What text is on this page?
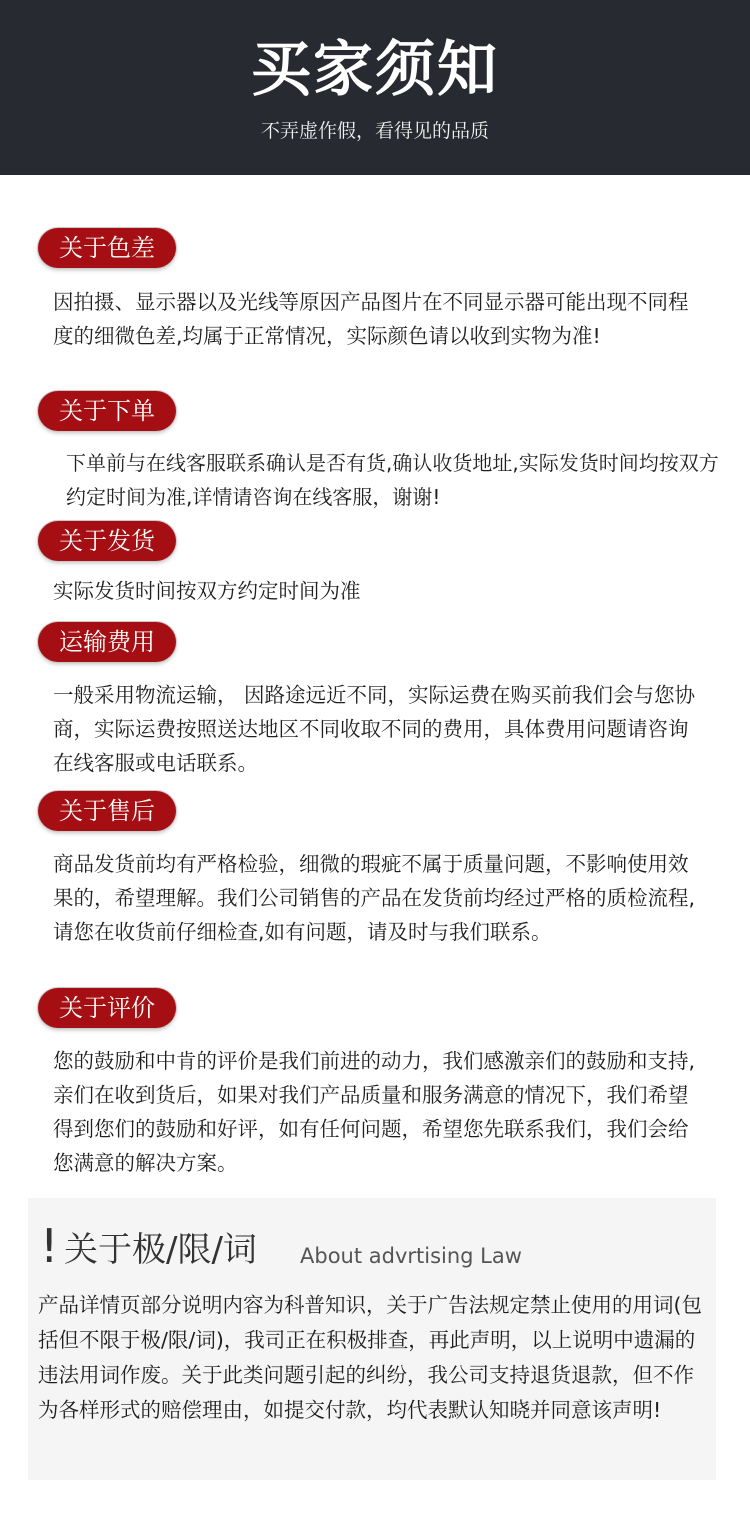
买家须知
不弄虚作假，看得见的品质
关于色差
因拍摄、显示器以及光线等原因产品图片在不同显示器可能出现不同程度的细微色差,均属于正常情况，实际颜色请以收到实物为准!
关于下单
下单前与在线客服联系确认是否有货,确认收货地址,实际发货时间均按双方约定时间为准,详情请咨询在线客服，谢谢!
关于发货
实际发货时间按双方约定时间为准
运输费用
一般采用物流运输， 因路途远近不同，实际运费在购买前我们会与您协商，实际运费按照送达地区不同收取不同的费用，具体费用问题请咨询在线客服或电话联系。
关于售后
商品发货前均有严格检验，细微的瑕疵不属于质量问题，不影响使用效果的，希望理解。我们公司销售的产品在发货前均经过严格的质检流程,请您在收货前仔细检查,如有问题，请及时与我们联系。
关于评价
您的鼓励和中肯的评价是我们前进的动力，我们感激亲们的鼓励和支持,亲们在收到货后，如果对我们产品质量和服务满意的情况下，我们希望得到您们的鼓励和好评，如有任何问题，希望您先联系我们，我们会给您满意的解决方案。
! 关于极/限/词 About advrtising Law
产品详情页部分说明内容为科普知识，关于广告法规定禁止使用的用词(包括但不限于极/限/词)，我司正在积极排查，再此声明，以上说明中遗漏的违法用词作废。关于此类问题引起的纠纷，我公司支持退货退款，但不作为各样形式的赔偿理由，如提交付款，均代表默认知晓并同意该声明!
